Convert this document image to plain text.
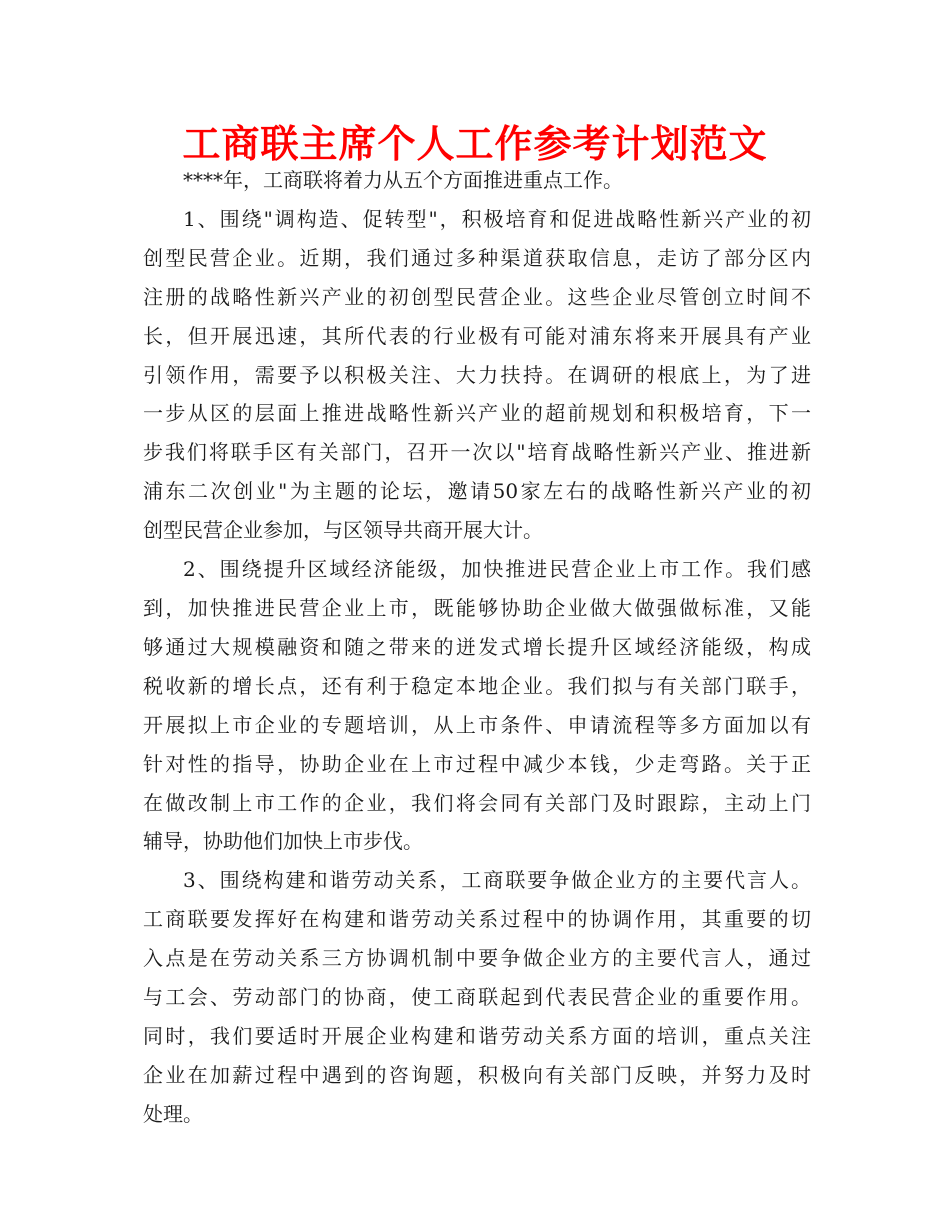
工商联主席个人工作参考计划范文

****年，工商联将着力从五个方面推进重点工作。

1、围绕"调构造、促转型"，积极培育和促进战略性新兴产业的初
创型民营企业。近期，我们通过多种渠道获取信息，走访了部分区内
注册的战略性新兴产业的初创型民营企业。这些企业尽管创立时间不
长，但开展迅速，其所代表的行业极有可能对浦东将来开展具有产业
引领作用，需要予以积极关注、大力扶持。在调研的根底上，为了进
一步从区的层面上推进战略性新兴产业的超前规划和积极培育，下一
步我们将联手区有关部门，召开一次以"培育战略性新兴产业、推进新
浦东二次创业"为主题的论坛，邀请50家左右的战略性新兴产业的初
创型民营企业参加，与区领导共商开展大计。

2、围绕提升区域经济能级，加快推进民营企业上市工作。我们感
到，加快推进民营企业上市，既能够协助企业做大做强做标准，又能
够通过大规模融资和随之带来的迸发式增长提升区域经济能级，构成
税收新的增长点，还有利于稳定本地企业。我们拟与有关部门联手，
开展拟上市企业的专题培训，从上市条件、申请流程等多方面加以有
针对性的指导，协助企业在上市过程中减少本钱，少走弯路。关于正
在做改制上市工作的企业，我们将会同有关部门及时跟踪，主动上门
辅导，协助他们加快上市步伐。

3、围绕构建和谐劳动关系，工商联要争做企业方的主要代言人。
工商联要发挥好在构建和谐劳动关系过程中的协调作用，其重要的切
入点是在劳动关系三方协调机制中要争做企业方的主要代言人，通过
与工会、劳动部门的协商，使工商联起到代表民营企业的重要作用。
同时，我们要适时开展企业构建和谐劳动关系方面的培训，重点关注
企业在加薪过程中遇到的咨询题，积极向有关部门反映，并努力及时
处理。
